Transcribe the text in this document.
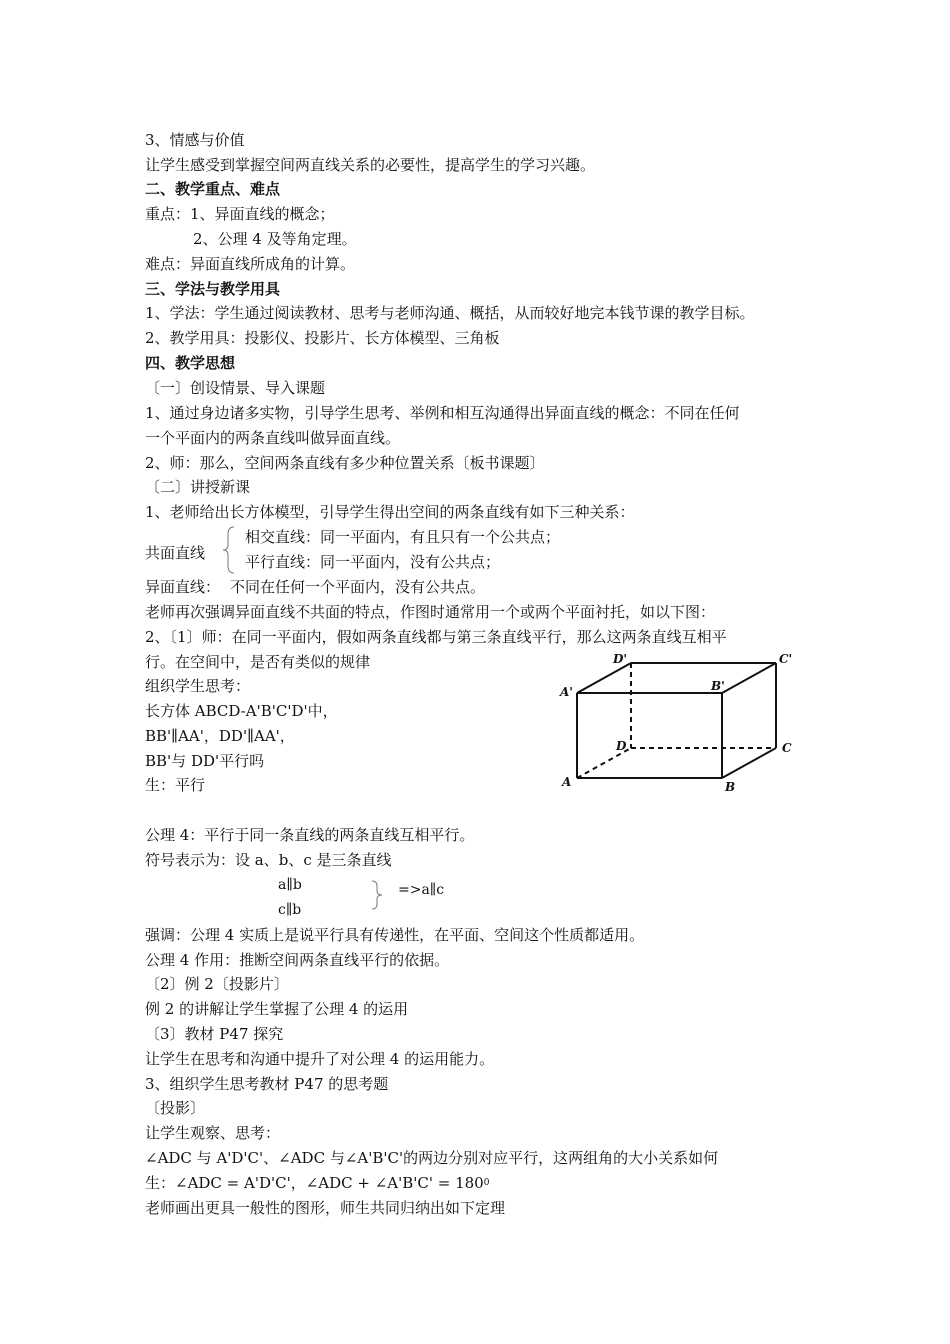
3、情感与价值
让学生感受到掌握空间两直线关系的必要性，提高学生的学习兴趣。
二、教学重点、难点
重点：1、异面直线的概念；
2、公理 4 及等角定理。
难点：异面直线所成角的计算。
三、学法与教学用具
1、学法：学生通过阅读教材、思考与老师沟通、概括，从而较好地完本钱节课的教学目标。
2、教学用具：投影仪、投影片、长方体模型、三角板
四、教学思想
〔一〕创设情景、导入课题
1、通过身边诸多实物，引导学生思考、举例和相互沟通得出异面直线的概念：不同在任何
一个平面内的两条直线叫做异面直线。
2、师：那么，空间两条直线有多少种位置关系〔板书课题〕
〔二〕讲授新课
1、老师给出长方体模型，引导学生得出空间的两条直线有如下三种关系：
共面直线
相交直线：同一平面内，有且只有一个公共点；
平行直线：同一平面内，没有公共点；
异面直线： 不同在任何一个平面内，没有公共点。
老师再次强调异面直线不共面的特点，作图时通常用一个或两个平面衬托，如以下图：
2、〔1〕师：在同一平面内，假如两条直线都与第三条直线平行，那么这两条直线互相平
行。在空间中，是否有类似的规律
组织学生思考：
长方体 ABCD-A'B'C'D'中，
BB'∥AA'，DD'∥AA'，
BB'与 DD'平行吗
生：平行	A	B
C
D
A'	B'
C'
D'
公理 4：平行于同一条直线的两条直线互相平行。
符号表示为：设 a、b、c 是三条直线
a∥b
c∥b
=>a∥c
强调：公理 4 实质上是说平行具有传递性，在平面、空间这个性质都适用。
公理 4 作用：推断空间两条直线平行的依据。
〔2〕例 2〔投影片〕
例 2 的讲解让学生掌握了公理 4 的运用
〔3〕教材 P47 探究
让学生在思考和沟通中提升了对公理 4 的运用能力。
3、组织学生思考教材 P47 的思考题
〔投影〕
让学生观察、思考：
∠ADC 与 A'D'C'、∠ADC 与∠A'B'C'的两边分别对应平行，这两组角的大小关系如何
生：∠ADC = A'D'C'，∠ADC + ∠A'B'C' = $180^0$
老师画出更具一般性的图形，师生共同归纳出如下定理
